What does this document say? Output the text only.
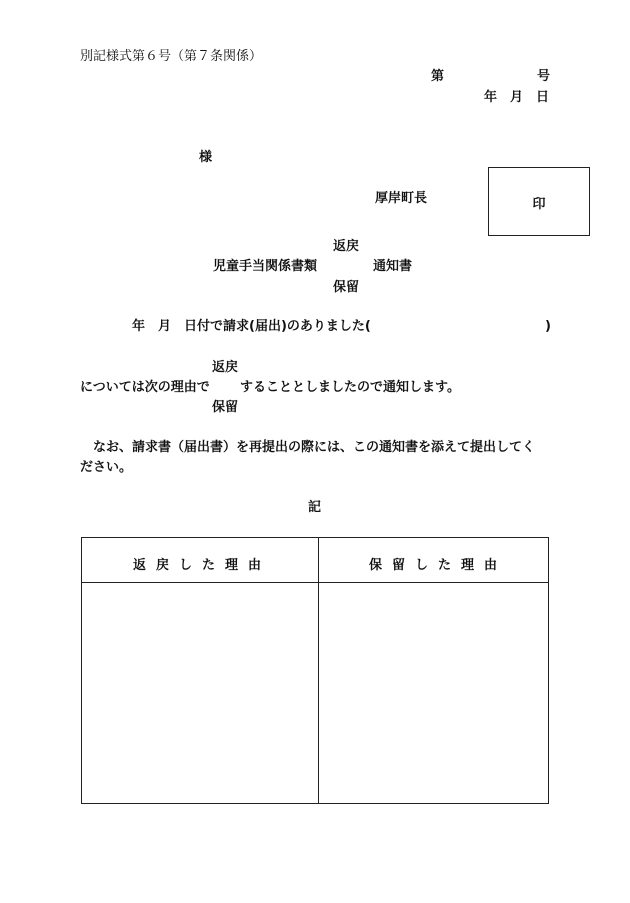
別記様式第６号（第７条関係）
第	号
年　月　日
様
厚岸町長	印
返戻
児童手当関係書類	通知書
保留
年　月　日付で請求(届出)のありました(	)
返戻
については次の理由で することとしましたので通知します。
保留
なお、請求書（届出書）を再提出の際には、この通知書を添えて提出してく
ださい。
記
返戻した理由	保留した理由
